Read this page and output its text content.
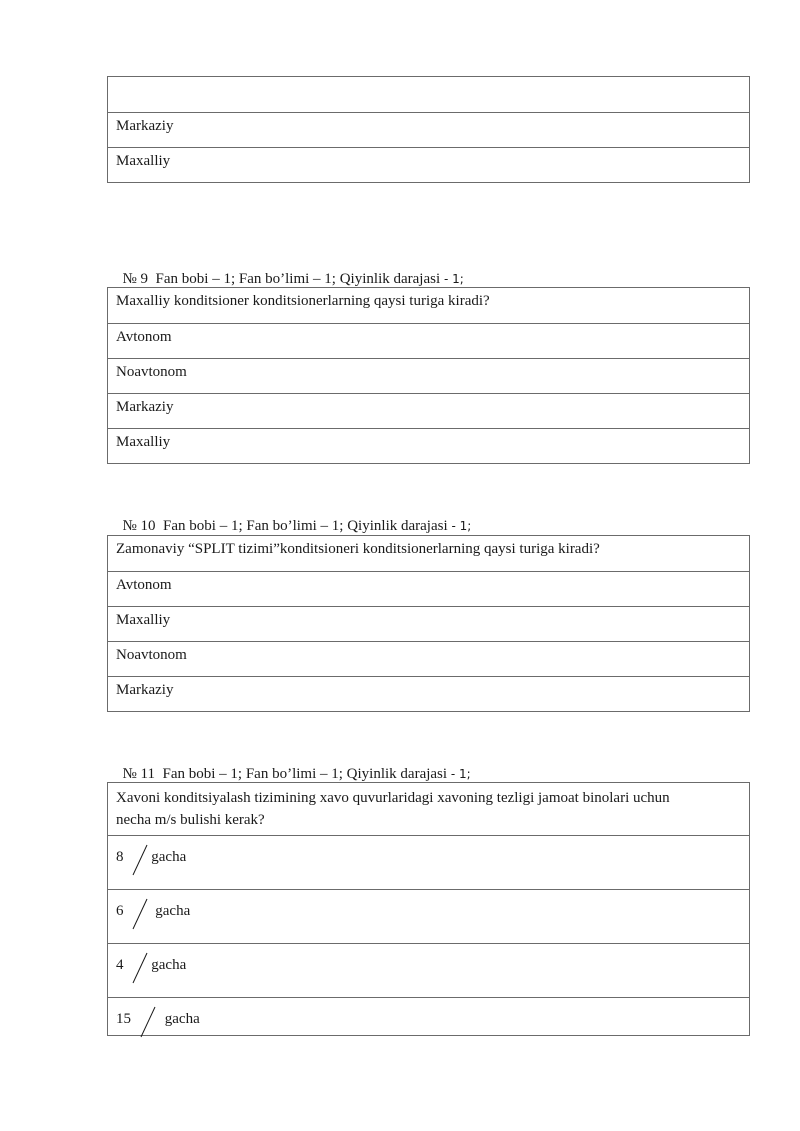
Markaziy
Maxalliy

№ 9  Fan bobi – 1; Fan bo’limi – 1; Qiyinlik darajasi - 1;

Maxalliy konditsioner konditsionerlarning qaysi turiga kiradi?
Avtonom
Noavtonom
Markaziy
Maxalliy

№ 10  Fan bobi – 1; Fan bo’limi – 1; Qiyinlik darajasi - 1;

Zamonaviy “SPLIT tizimi”konditsioneri konditsionerlarning qaysi turiga kiradi?
Avtonom
Maxalliy
Noavtonom
Markaziy

№ 11  Fan bobi – 1; Fan bo’limi – 1; Qiyinlik darajasi - 1;

Xavoni konditsiyalash tizimining xavo quvurlaridagi xavoning tezligi jamoat binolari uchun
necha m/s bulishi kerak?
8 gacha
6 gacha
4 gacha
15 gacha
